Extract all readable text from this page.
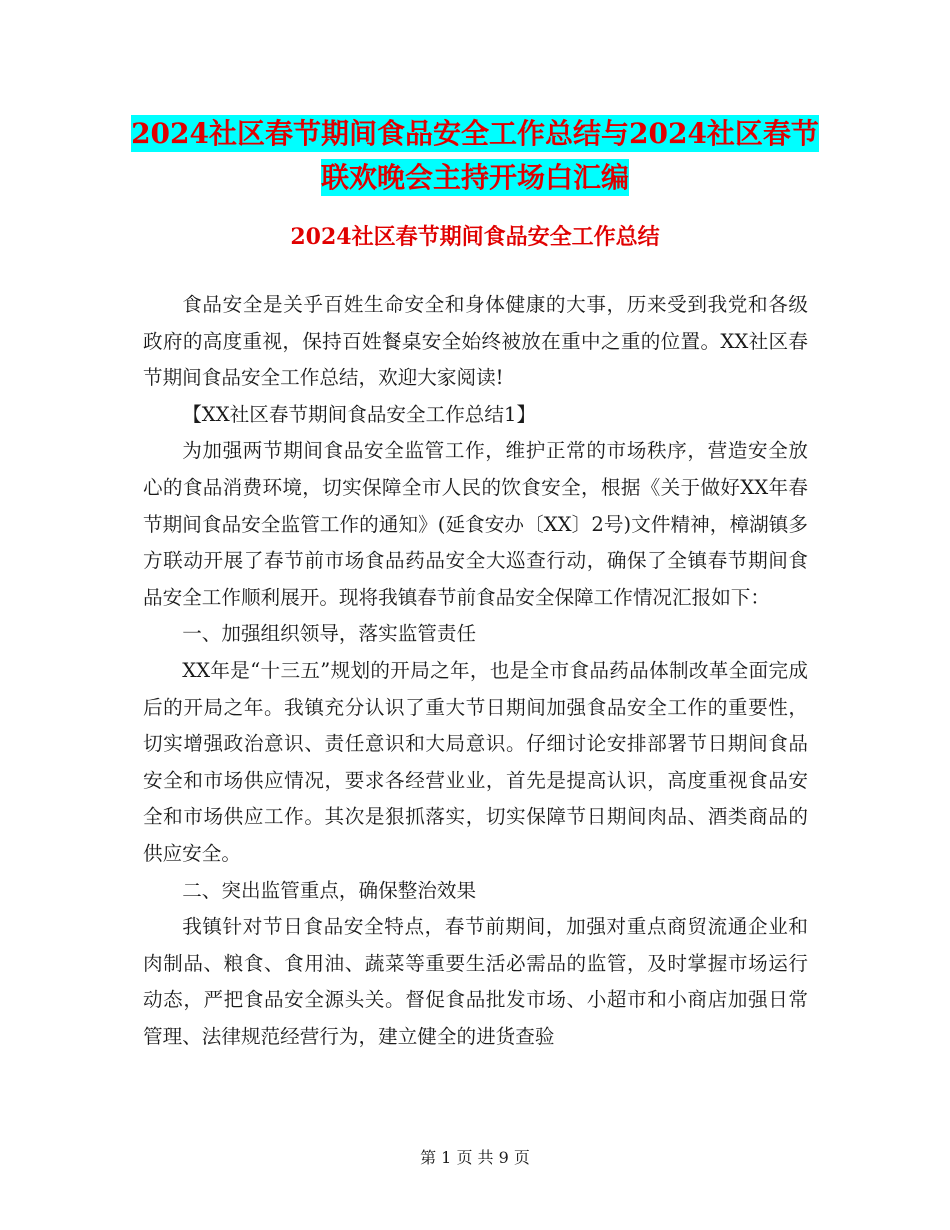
2024社区春节期间食品安全工作总结与2024社区春节
联欢晚会主持开场白汇编
2024社区春节期间食品安全工作总结

食品安全是关乎百姓生命安全和身体健康的大事，历来受到我党和各级政府的高度重视，保持百姓餐桌安全始终被放在重中之重的位置。XX社区春节期间食品安全工作总结，欢迎大家阅读!

【XX社区春节期间食品安全工作总结1】

为加强两节期间食品安全监管工作，维护正常的市场秩序，营造安全放心的食品消费环境，切实保障全市人民的饮食安全，根据《关于做好XX年春节期间食品安全监管工作的通知》(延食安办〔XX〕2号)文件精神，樟湖镇多方联动开展了春节前市场食品药品安全大巡查行动，确保了全镇春节期间食品安全工作顺利展开。现将我镇春节前食品安全保障工作情况汇报如下：

一、加强组织领导，落实监管责任

XX年是“十三五”规划的开局之年，也是全市食品药品体制改革全面完成后的开局之年。我镇充分认识了重大节日期间加强食品安全工作的重要性，切实增强政治意识、责任意识和大局意识。仔细讨论安排部署节日期间食品安全和市场供应情况，要求各经营业业，首先是提高认识，高度重视食品安全和市场供应工作。其次是狠抓落实，切实保障节日期间肉品、酒类商品的供应安全。

二、突出监管重点，确保整治效果

我镇针对节日食品安全特点，春节前期间，加强对重点商贸流通企业和肉制品、粮食、食用油、蔬菜等重要生活必需品的监管，及时掌握市场运行动态，严把食品安全源头关。督促食品批发市场、小超市和小商店加强日常管理、法律规范经营行为，建立健全的进货查验

第 1 页 共 9 页
